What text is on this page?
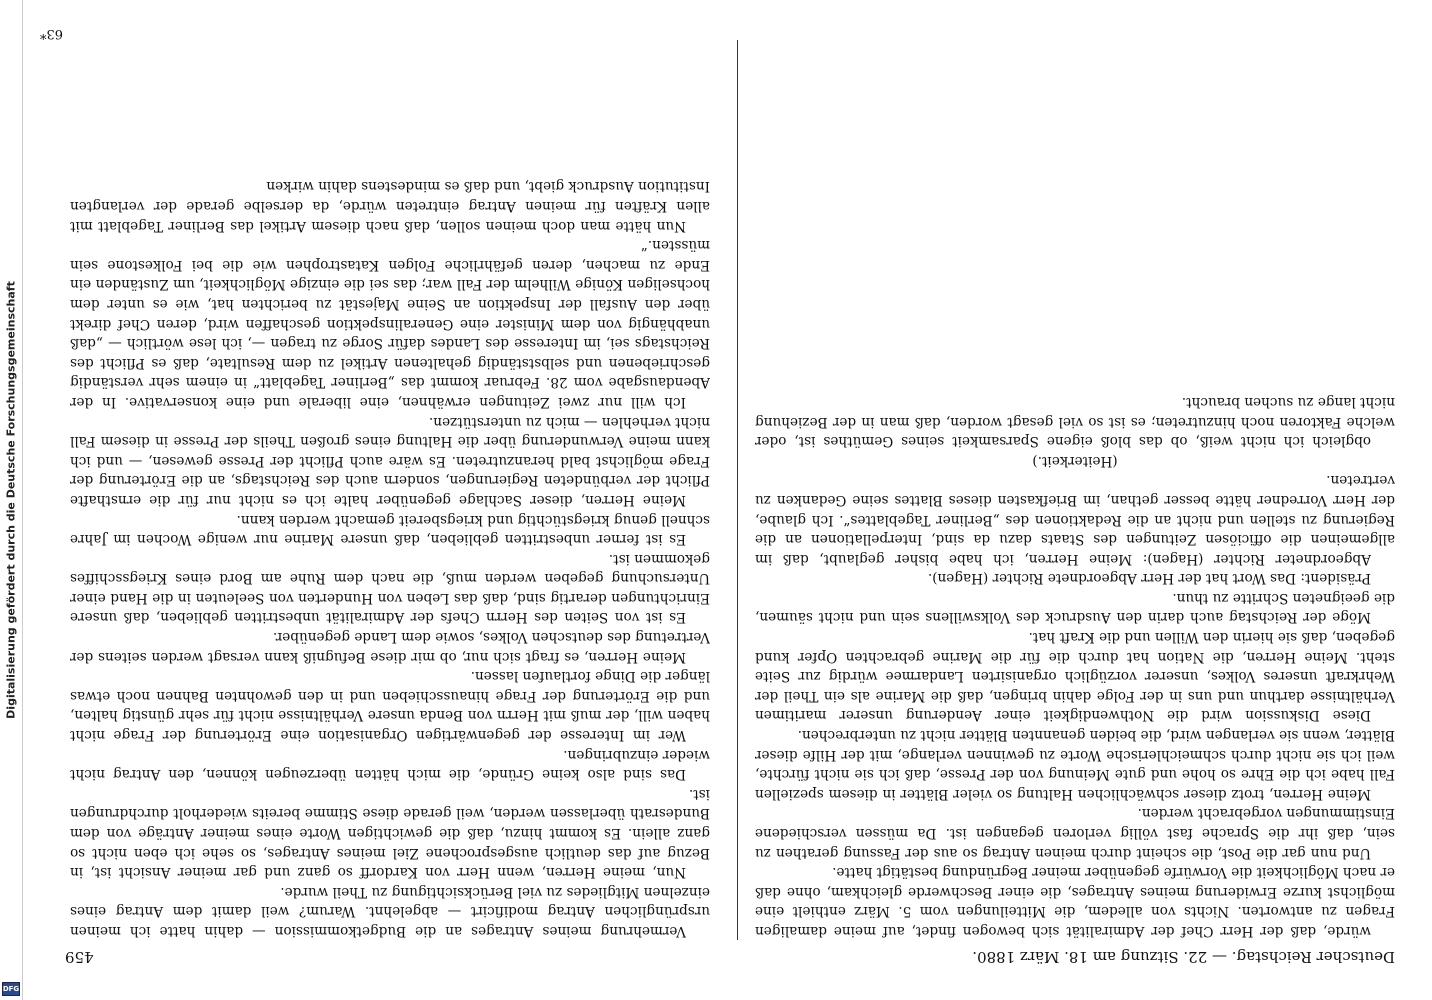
Digitalisierung gefördert durch die Deutsche Forschungsgemeinschaft
DFG
Deutscher Reichstag. — 22. Sitzung am 18. März 1880.
459

würde, daß der Herr Chef der Admiralität sich bewogen findet, auf meine damaligen Fragen zu antworten. Nichts von alledem, die Mitteilungen vom 5. März enthielt eine möglichst kurze Erwiderung meines Antrages, die einer Beschwerde gleichkam, ohne daß er nach Möglichkeit die Vorwürfe gegenüber meiner Begründung bestätigt hatte.

Und nun gar die Post, die scheint durch meinen Antrag so aus der Fassung gerathen zu sein, daß ihr die Sprache fast völlig verloren gegangen ist. Da müssen verschiedene Einstimmungen vorgebracht werden.

Meine Herren, trotz dieser schwächlichen Haltung so vieler Blätter in diesem speziellen Fall habe ich die Ehre so hohe und gute Meinung von der Presse, daß ich sie nicht fürchte, weil ich sie nicht durch schmeichlerische Worte zu gewinnen verlange, mit der Hilfe dieser Blätter, wenn sie verlangen wird, die beiden genannten Blätter nicht zu unterbrechen.

Diese Diskussion wird die Nothwendigkeit einer Aenderung unserer maritimen Verhältnisse darthun und uns in der Folge dahin bringen, daß die Marine als ein Theil der Wehrkraft unseres Volkes, unserer vorzüglich organisirten Landarmee würdig zur Seite steht. Meine Herren, die Nation hat durch die für die Marine gebrachten Opfer kund gegeben, daß sie hierin den Willen und die Kraft hat.

Möge der Reichstag auch darin den Ausdruck des Volkswillens sein und nicht säumen, die geeigneten Schritte zu thun.

Präsident: Das Wort hat der Herr Abgeordnete Richter (Hagen).

Abgeordneter Richter (Hagen): Meine Herren, ich habe bisher geglaubt, daß im allgemeinen die officiösen Zeitungen des Staats dazu da sind, Interpellationen an die Regierung zu stellen und nicht an die Redaktionen des „Berliner Tageblattes“. Ich glaube, der Herr Vorredner hätte besser gethan, im Briefkasten dieses Blattes seine Gedanken zu vertreten.

(Heiterkeit.)

obgleich ich nicht weiß, ob das bloß eigene Sparsamkeit seines Gemüthes ist, oder welche Faktoren noch hinzutreten; es ist so viel gesagt worden, daß man in der Beziehung nicht lange zu suchen braucht.

Vermehrung meines Antrages an die Budgetkommission — dahin hatte ich meinen ursprünglichen Antrag modificirt — abgelehnt. Warum? weil damit dem Antrag eines einzelnen Mitgliedes zu viel Berücksichtigung zu Theil wurde.

Nun, meine Herren, wenn Herr von Kardorff so ganz und gar meiner Ansicht ist, in Bezug auf das deutlich ausgesprochene Ziel meines Antrages, so sehe ich eben nicht so ganz allein. Es kommt hinzu, daß die gewichtigen Worte eines meiner Anträge von dem Bundesrath überlassen werden, weil gerade diese Stimme bereits wiederholt durchdrungen ist.

Das sind also keine Gründe, die mich hätten überzeugen können, den Antrag nicht wieder einzubringen.

Wer im Interesse der gegenwärtigen Organisation eine Erörterung der Frage nicht haben will, der muß mit Herrn von Benda unsere Verhältnisse nicht für sehr günstig halten, und die Erörterung der Frage hinausschieben und in den gewohnten Bahnen noch etwas länger die Dinge fortlaufen lassen.

Meine Herren, es fragt sich nur, ob mir diese Befugniß kann versagt werden seitens der Vertretung des deutschen Volkes, sowie dem Lande gegenüber.

Es ist von Seiten des Herrn Chefs der Admiralität unbestritten geblieben, daß unsere Einrichtungen derartig sind, daß das Leben von Hunderten von Seeleuten in die Hand einer Untersuchung gegeben werden muß, die nach dem Ruhe am Bord eines Kriegsschiffes gekommen ist.

Es ist ferner unbestritten geblieben, daß unsere Marine nur wenige Wochen im Jahre schnell genug kriegstüchtig und kriegsbereit gemacht werden kann.

Meine Herren, dieser Sachlage gegenüber halte ich es nicht nur für die ernsthafte Pflicht der verbündeten Regierungen, sondern auch des Reichstags, an die Erörterung der Frage möglichst bald heranzutreten. Es wäre auch Pflicht der Presse gewesen, — und ich kann meine Verwunderung über die Haltung eines großen Theils der Presse in diesem Fall nicht verhehlen — mich zu unterstützen.

Ich will nur zwei Zeitungen erwähnen, eine liberale und eine konservative. In der Abendausgabe vom 28. Februar kommt das „Berliner Tageblatt“ in einem sehr verständig geschriebenen und selbstständig gehaltenen Artikel zu dem Resultate, daß es Pflicht des Reichstags sei, im Interesse des Landes dafür Sorge zu tragen —, ich lese wörtlich — „daß unabhängig von dem Minister eine Generalinspektion geschaffen wird, deren Chef direkt über den Ausfall der Inspektion an Seine Majestät zu berichten hat, wie es unter dem hochseligen Könige Wilhelm der Fall war; das sei die einzige Möglichkeit, um Zuständen ein Ende zu machen, deren gefährliche Folgen Katastrophen wie die bei Folkestone sein müssten.“

Nun hätte man doch meinen sollen, daß nach diesem Artikel das Berliner Tageblatt mit allen Kräften für meinen Antrag eintreten würde, da derselbe gerade der verlangten Institution Ausdruck giebt, und daß es mindestens dahin wirken

63*
